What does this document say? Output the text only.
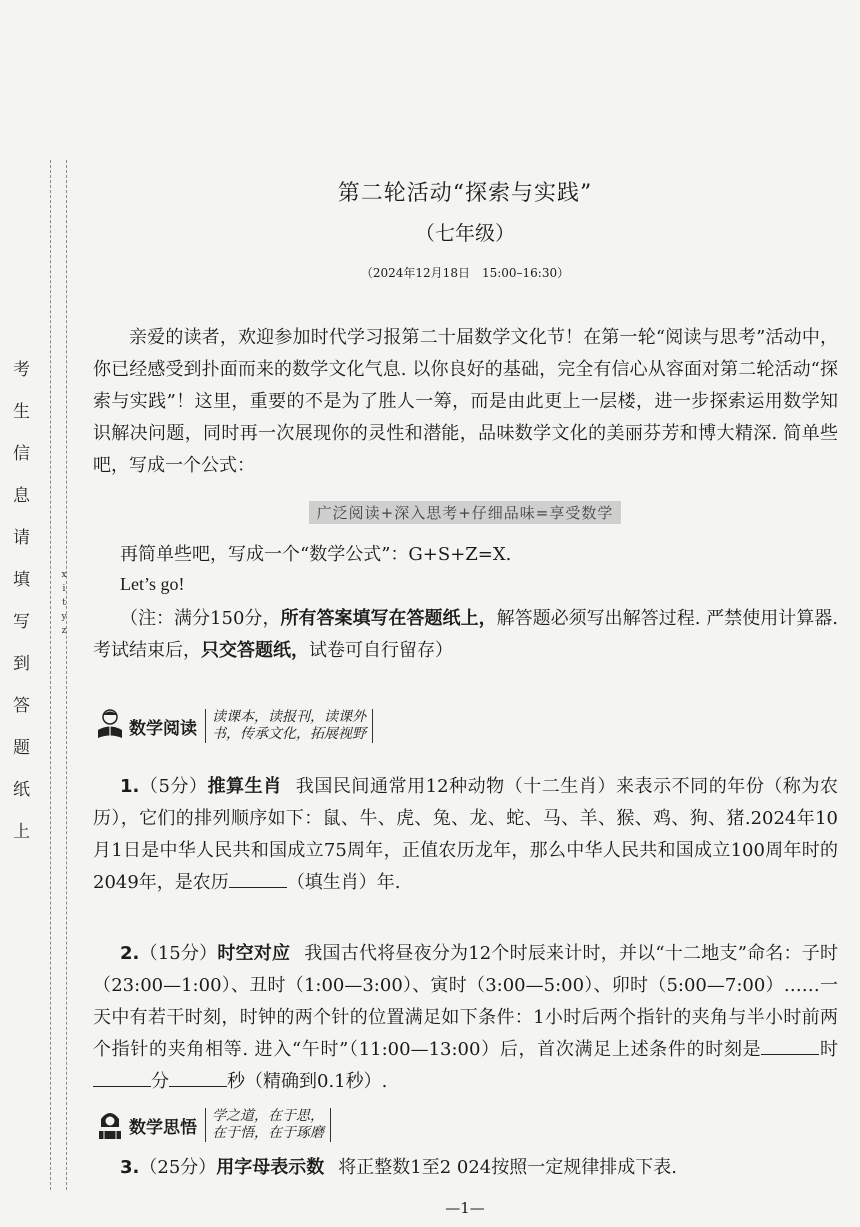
考生信息请填写到答题纸上	x
i
t
y
z
第二轮活动“探索与实践”
（七年级）
（2024年12月18日　15:00–16:30）
亲爱的读者，欢迎参加时代学习报第二十届数学文化节！在第一轮“阅读与思考”活动中，你已经感受到扑面而来的数学文化气息. 以你良好的基础，完全有信心从容面对第二轮活动“探索与实践”！这里，重要的不是为了胜人一筹，而是由此更上一层楼，进一步探索运用数学知识解决问题，同时再一次展现你的灵性和潜能，品味数学文化的美丽芬芳和博大精深. 简单些吧，写成一个公式：
广泛阅读+深入思考+仔细品味=享受数学
再简单些吧，写成一个“数学公式”：G+S+Z=X.
Let’s go!
（注：满分150分，所有答案填写在答题纸上，解答题必须写出解答过程. 严禁使用计算器. 考试结束后，只交答题纸，试卷可自行留存）
数学阅读
读课本，读报刊，读课外
书，传承文化，拓展视野
1.（5分）推算生肖 我国民间通常用12种动物（十二生肖）来表示不同的年份（称为农历），它们的排列顺序如下：鼠、牛、虎、兔、龙、蛇、马、羊、猴、鸡、狗、猪.2024年10月1日是中华人民共和国成立75周年，正值农历龙年，那么中华人民共和国成立100周年时的2049年，是农历	（填生肖）年.
2.（15分）时空对应 我国古代将昼夜分为12个时辰来计时，并以“十二地支”命名：子时（23:00—1:00）、丑时（1:00—3:00）、寅时（3:00—5:00）、卯时（5:00—7:00）……一天中有若干时刻，时钟的两个针的位置满足如下条件：1小时后两个指针的夹角与半小时前两个指针的夹角相等. 进入“午时”（11:00—13:00）后，首次满足上述条件的时刻是	时 分	秒（精确到0.1秒）.
数学思悟
学之道，在于思，
在于悟，在于琢磨
3.（25分）用字母表示数 将正整数1至2 024按照一定规律排成下表.
—1—
